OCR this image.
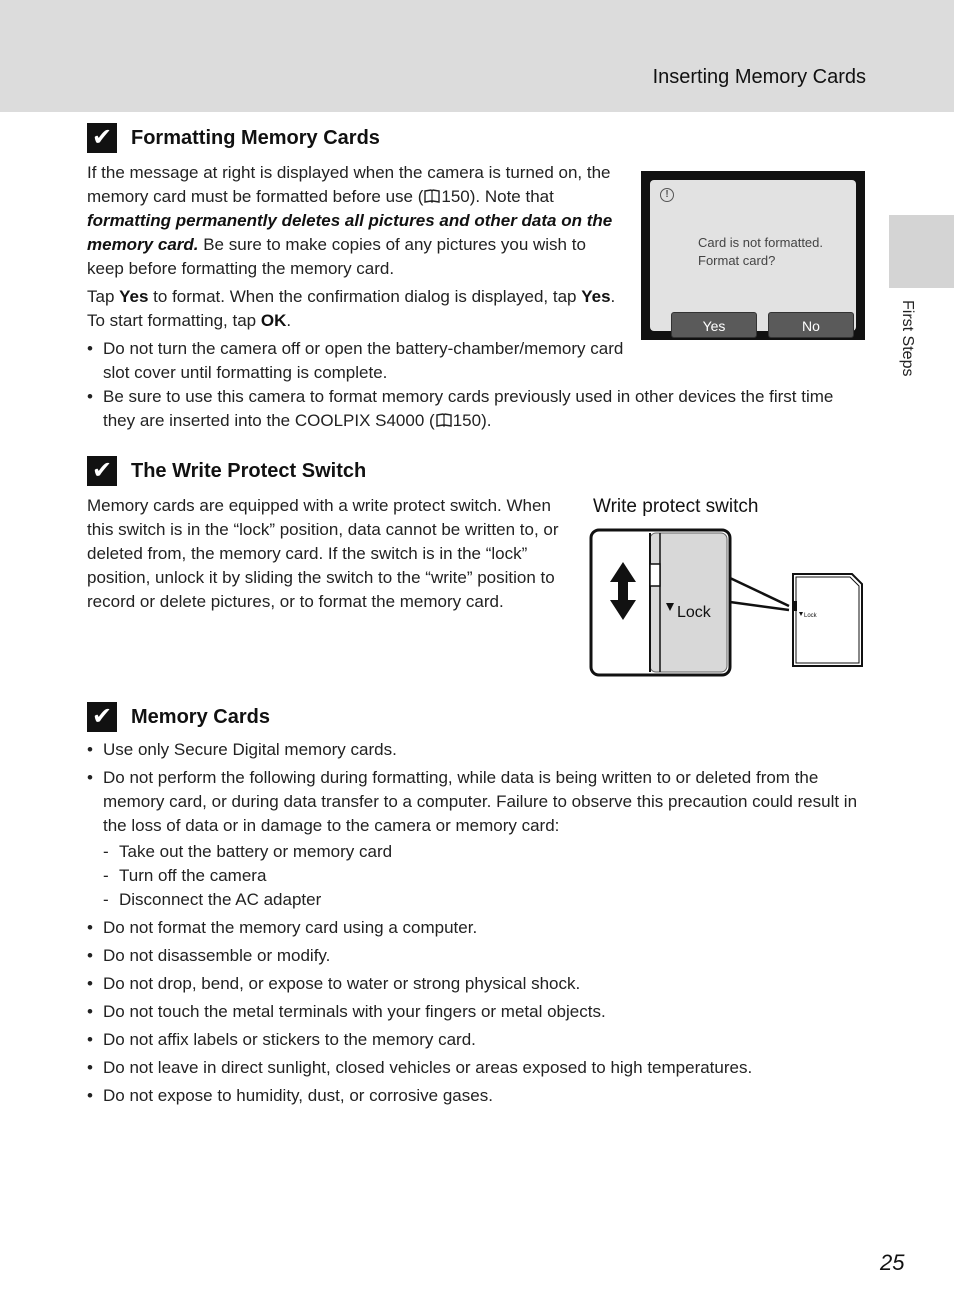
Inserting Memory Cards
First Steps
✔ Formatting Memory Cards

If the message at right is displayed when the camera is turned on, the memory card must be formatted before use ( 150). Note that formatting permanently deletes all pictures and other data on the memory card. Be sure to make copies of any pictures you wish to keep before formatting the memory card.

Tap Yes to format. When the confirmation dialog is displayed, tap Yes. To start formatting, tap OK.

• Do not turn the camera off or open the battery-chamber/memory card slot cover until formatting is complete.
• Be sure to use this camera to format memory cards previously used in other devices the first time they are inserted into the COOLPIX S4000 ( 150).
!
Card is not formatted.
Format card?
Yes	No
✔ The Write Protect Switch

Memory cards are equipped with a write protect switch. When this switch is in the “lock” position, data cannot be written to, or deleted from, the memory card. If the switch is in the “lock” position, unlock it by sliding the switch to the “write” position to record or delete pictures, or to format the memory card.

Write protect switch
Lock	Lock
✔ Memory Cards
• Use only Secure Digital memory cards.
• Do not perform the following during formatting, while data is being written to or deleted from the memory card, or during data transfer to a computer. Failure to observe this precaution could result in the loss of data or in damage to the camera or memory card:
- Take out the battery or memory card
- Turn off the camera
- Disconnect the AC adapter
• Do not format the memory card using a computer.
• Do not disassemble or modify.
• Do not drop, bend, or expose to water or strong physical shock.
• Do not touch the metal terminals with your fingers or metal objects.
• Do not affix labels or stickers to the memory card.
• Do not leave in direct sunlight, closed vehicles or areas exposed to high temperatures.
• Do not expose to humidity, dust, or corrosive gases.
25
